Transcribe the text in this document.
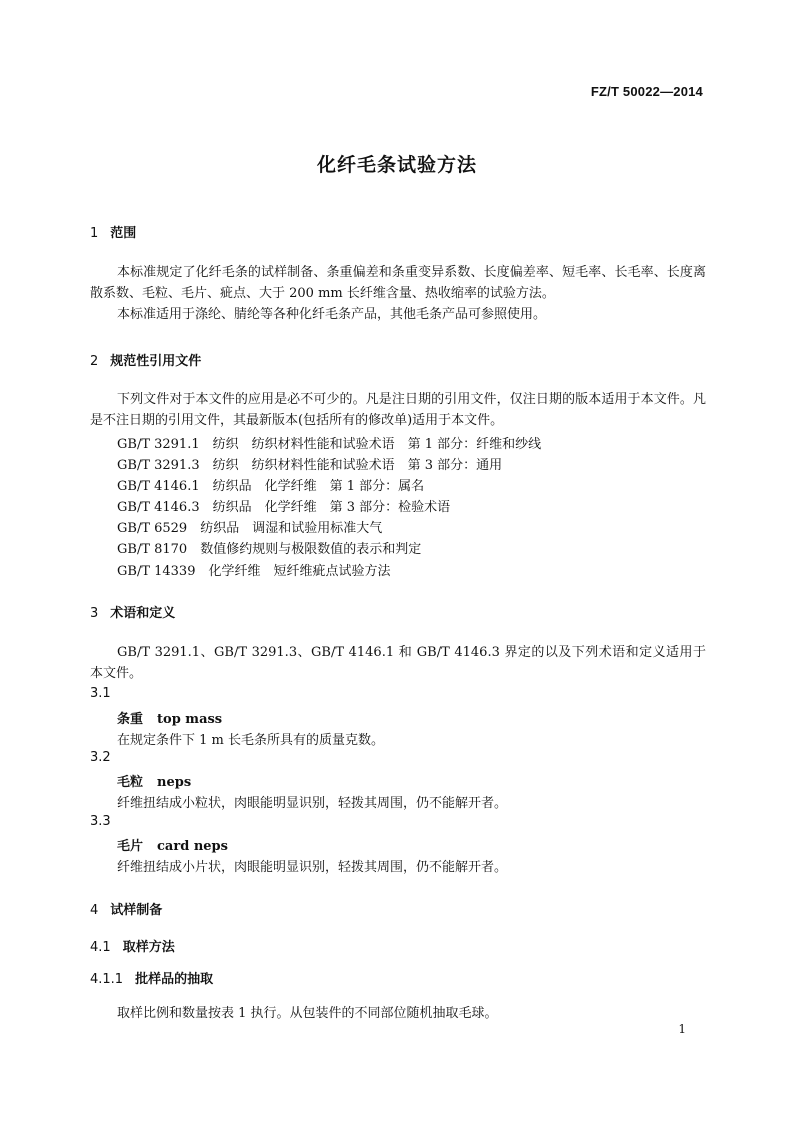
FZ/T 50022—2014
化纤毛条试验方法
1 范围
本标准规定了化纤毛条的试样制备、条重偏差和条重变异系数、长度偏差率、短毛率、长毛率、长度离散系数、毛粒、毛片、疵点、大于 200 mm 长纤维含量、热收缩率的试验方法。
本标准适用于涤纶、腈纶等各种化纤毛条产品，其他毛条产品可参照使用。
2 规范性引用文件
下列文件对于本文件的应用是必不可少的。凡是注日期的引用文件，仅注日期的版本适用于本文件。凡是不注日期的引用文件，其最新版本(包括所有的修改单)适用于本文件。
GB/T 3291.1　纺织　纺织材料性能和试验术语　第 1 部分：纤维和纱线
GB/T 3291.3　纺织　纺织材料性能和试验术语　第 3 部分：通用
GB/T 4146.1　纺织品　化学纤维　第 1 部分：属名
GB/T 4146.3　纺织品　化学纤维　第 3 部分：检验术语
GB/T 6529　纺织品　调湿和试验用标准大气
GB/T 8170　数值修约规则与极限数值的表示和判定
GB/T 14339　化学纤维　短纤维疵点试验方法
3 术语和定义
GB/T 3291.1、GB/T 3291.3、GB/T 4146.1 和 GB/T 4146.3 界定的以及下列术语和定义适用于本文件。
3.1
条重 top mass
在规定条件下 1 m 长毛条所具有的质量克数。
3.2
毛粒 neps
纤维扭结成小粒状，肉眼能明显识别，轻拨其周围，仍不能解开者。
3.3
毛片 card neps
纤维扭结成小片状，肉眼能明显识别，轻拨其周围，仍不能解开者。
4 试样制备
4.1 取样方法
4.1.1 批样品的抽取
取样比例和数量按表 1 执行。从包装件的不同部位随机抽取毛球。
1
